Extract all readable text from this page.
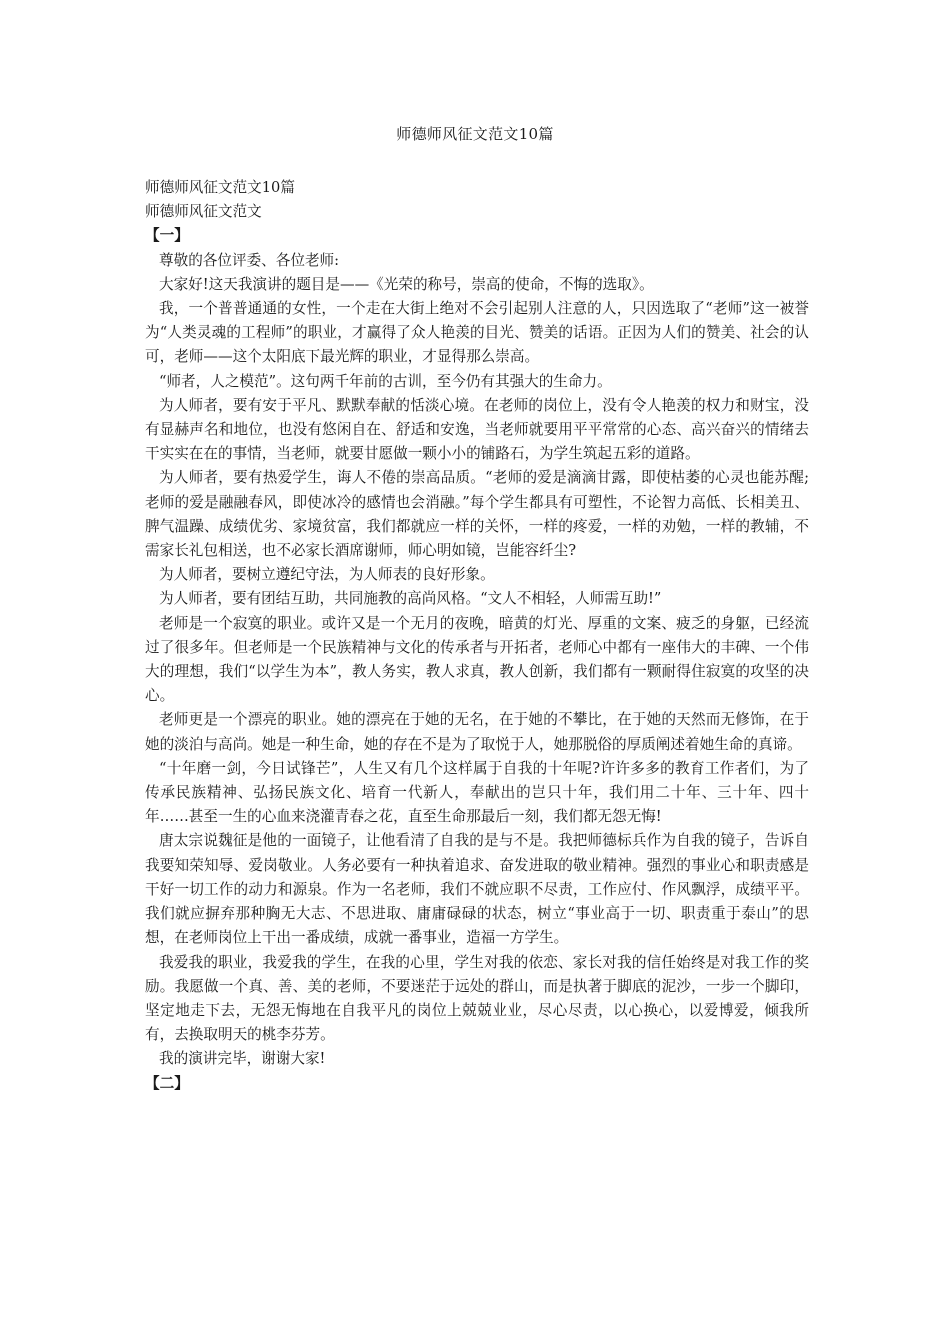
师德师风征文范文10篇

师德师风征文范文10篇

师德师风征文范文

【一】

尊敬的各位评委、各位老师:

大家好!这天我演讲的题目是——《光荣的称号，崇高的使命，不悔的选取》。

我，一个普普通通的女性，一个走在大街上绝对不会引起别人注意的人，只因选取了“老师”这一被誉为“人类灵魂的工程师”的职业，才赢得了众人艳羡的目光、赞美的话语。正因为人们的赞美、社会的认可，老师——这个太阳底下最光辉的职业，才显得那么崇高。

“师者，人之模范”。这句两千年前的古训，至今仍有其强大的生命力。

为人师者，要有安于平凡、默默奉献的恬淡心境。在老师的岗位上，没有令人艳羡的权力和财宝，没有显赫声名和地位，也没有悠闲自在、舒适和安逸，当老师就要用平平常常的心态、高兴奋兴的情绪去干实实在在的事情，当老师，就要甘愿做一颗小小的铺路石，为学生筑起五彩的道路。

为人师者，要有热爱学生，诲人不倦的崇高品质。“老师的爱是滴滴甘露，即使枯萎的心灵也能苏醒;老师的爱是融融春风，即使冰冷的感情也会消融。”每个学生都具有可塑性，不论智力高低、长相美丑、脾气温躁、成绩优劣、家境贫富，我们都就应一样的关怀，一样的疼爱，一样的劝勉，一样的教辅，不需家长礼包相送，也不必家长酒席谢师，师心明如镜，岂能容纤尘?

为人师者，要树立遵纪守法，为人师表的良好形象。

为人师者，要有团结互助，共同施教的高尚风格。“文人不相轻，人师需互助!”

老师是一个寂寞的职业。或许又是一个无月的夜晚，暗黄的灯光、厚重的文案、疲乏的身躯，已经流过了很多年。但老师是一个民族精神与文化的传承者与开拓者，老师心中都有一座伟大的丰碑、一个伟大的理想，我们“以学生为本”，教人务实，教人求真，教人创新，我们都有一颗耐得住寂寞的攻坚的决心。

老师更是一个漂亮的职业。她的漂亮在于她的无名，在于她的不攀比，在于她的天然而无修饰，在于她的淡泊与高尚。她是一种生命，她的存在不是为了取悦于人，她那脱俗的厚质阐述着她生命的真谛。

“十年磨一剑，今日试锋芒”，人生又有几个这样属于自我的十年呢?许许多多的教育工作者们，为了传承民族精神、弘扬民族文化、培育一代新人，奉献出的岂只十年，我们用二十年、三十年、四十年……甚至一生的心血来浇灌青春之花，直至生命那最后一刻，我们都无怨无悔!

唐太宗说魏征是他的一面镜子，让他看清了自我的是与不是。我把师德标兵作为自我的镜子，告诉自我要知荣知辱、爱岗敬业。人务必要有一种执着追求、奋发进取的敬业精神。强烈的事业心和职责感是干好一切工作的动力和源泉。作为一名老师，我们不就应职不尽责，工作应付、作风飘浮，成绩平平。我们就应摒弃那种胸无大志、不思进取、庸庸碌碌的状态，树立“事业高于一切、职责重于泰山”的思想，在老师岗位上干出一番成绩，成就一番事业，造福一方学生。

我爱我的职业，我爱我的学生，在我的心里，学生对我的依恋、家长对我的信任始终是对我工作的奖励。我愿做一个真、善、美的老师，不要迷茫于远处的群山，而是执著于脚底的泥沙，一步一个脚印，坚定地走下去，无怨无悔地在自我平凡的岗位上兢兢业业，尽心尽责，以心换心，以爱博爱，倾我所有，去换取明天的桃李芬芳。

我的演讲完毕，谢谢大家!

【二】
